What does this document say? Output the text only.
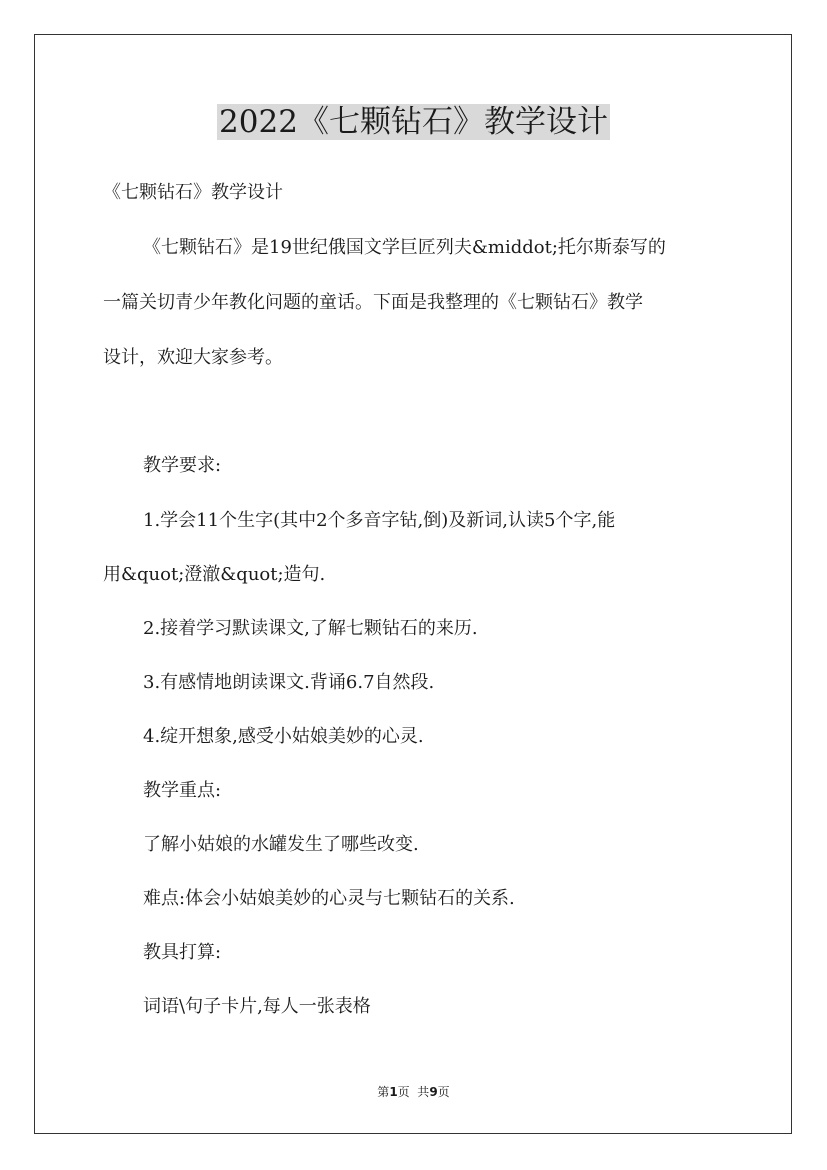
2022《七颗钻石》教学设计

《七颗钻石》教学设计

《七颗钻石》是19世纪俄国文学巨匠列夫&middot;托尔斯泰写的

一篇关切青少年教化问题的童话。下面是我整理的《七颗钻石》教学

设计，欢迎大家参考。

教学要求:

1.学会11个生字(其中2个多音字钻,倒)及新词,认读5个字,能

用&quot;澄澈&quot;造句.

2.接着学习默读课文,了解七颗钻石的来历.

3.有感情地朗读课文.背诵6.7自然段.

4.绽开想象,感受小姑娘美妙的心灵.

教学重点:

了解小姑娘的水罐发生了哪些改变.

难点:体会小姑娘美妙的心灵与七颗钻石的关系.

教具打算:

词语\句子卡片,每人一张表格

第1页  共9页
